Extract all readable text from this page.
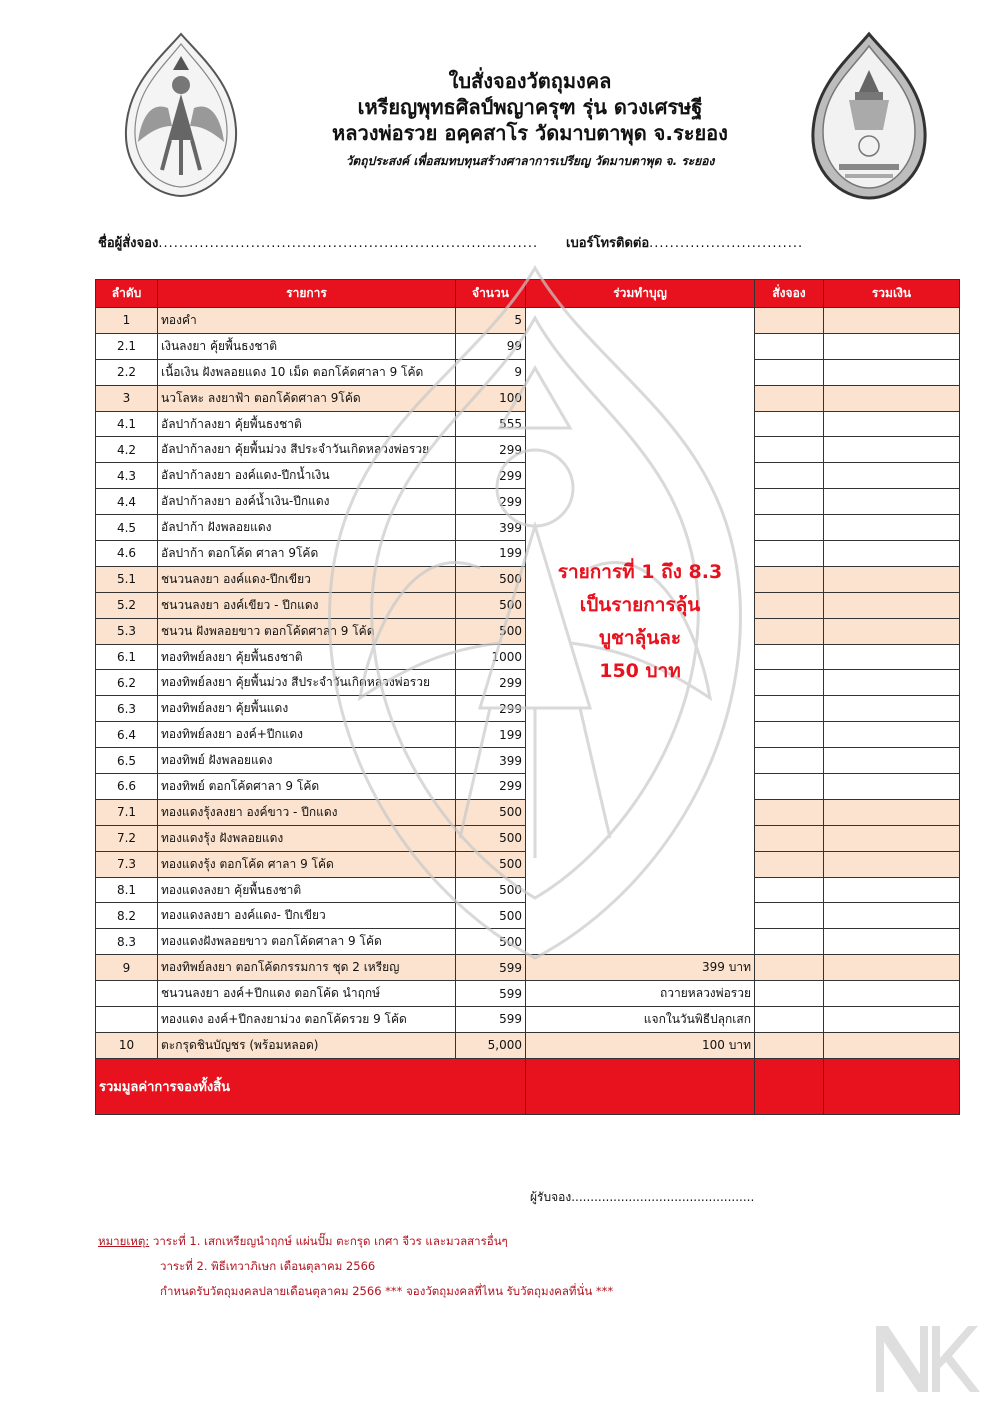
ใบสั่งจองวัตถุมงคล
เหรียญพุทธศิลป์พญาครุฑ รุ่น ดวงเศรษฐี
หลวงพ่อรวย อคฺคสาโร วัดมาบตาพุด จ.ระยอง
วัตถุประสงค์ เพื่อสมทบทุนสร้างศาลาการเปรียญ วัดมาบตาพุด จ. ระยอง
ชื่อผู้สั่งจอง.......................................................................... เบอร์โทรติดต่อ..............................
ลำดับ	รายการ	จำนวน	ร่วมทำบุญ	สั่งจอง	รวมเงิน
1	ทองคำ	5			
2.1	เงินลงยา คุ้ยพื้นธงชาติ	99			
2.2	เนื้อเงิน ฝังพลอยแดง 10 เม็ด ตอกโค้ดศาลา 9 โค้ด	9			
3	นวโลหะ ลงยาฟ้า ตอกโค้ดศาลา 9โค้ด	100			
4.1	อัลปาก้าลงยา คุ้ยพื้นธงชาติ	555			
4.2	อัลปาก้าลงยา คุ้ยพื้นม่วง สีประจำวันเกิดหลวงพ่อรวย	299			
4.3	อัลปาก้าลงยา องค์แดง-ปีกน้ำเงิน	299			
4.4	อัลปาก้าลงยา องค์น้ำเงิน-ปีกแดง	299			
4.5	อัลปาก้า ฝังพลอยแดง	399			
4.6	อัลปาก้า ตอกโค้ด ศาลา 9โค้ด	199			
5.1	ชนวนลงยา องค์แดง-ปีกเขียว	500			
5.2	ชนวนลงยา องค์เขียว - ปีกแดง	500			
5.3	ชนวน ฝังพลอยขาว ตอกโค้ดศาลา 9 โค้ด	500			
6.1	ทองทิพย์ลงยา คุ้ยพื้นธงชาติ	1000			
6.2	ทองทิพย์ลงยา คุ้ยพื้นม่วง สีประจำวันเกิดหลวงพ่อรวย	299			
6.3	ทองทิพย์ลงยา คุ้ยพื้นแดง	299			
6.4	ทองทิพย์ลงยา องค์+ปีกแดง	199			
6.5	ทองทิพย์ ฝังพลอยแดง	399			
6.6	ทองทิพย์ ตอกโค้ดศาลา 9 โค้ด	299			
7.1	ทองแดงรุ้งลงยา องค์ขาว - ปีกแดง	500			
7.2	ทองแดงรุ้ง ฝังพลอยแดง	500			
7.3	ทองแดงรุ้ง ตอกโค้ด ศาลา 9 โค้ด	500			
8.1	ทองแดงลงยา คุ้ยพื้นธงชาติ	500			
8.2	ทองแดงลงยา องค์แดง- ปีกเขียว	500			
8.3	ทองแดงฝังพลอยขาว ตอกโค้ดศาลา 9 โค้ด	500			
9	ทองทิพย์ลงยา ตอกโค้ดกรรมการ ชุด 2 เหรียญ	599	399 บาท		
	ชนวนลงยา องค์+ปีกแดง ตอกโค้ด นำฤกษ์	599	ถวายหลวงพ่อรวย		
	ทองแดง องค์+ปีกลงยาม่วง ตอกโค้ดรวย 9 โค้ด	599	แจกในวันพิธีปลุกเสก		
10	ตะกรุดชินบัญชร (พร้อมหลอด)	5,000	100 บาท		
รวมมูลค่าการจองทั้งสิ้น					
รายการที่ 1 ถึง 8.3
เป็นรายการลุ้น
บูชาลุ้นละ
150 บาท
ผู้รับจอง................................................
หมายเหตุ: วาระที่ 1. เสกเหรียญนำฤกษ์ แผ่นปั๊ม ตะกรุด เกศา จีวร และมวลสารอื่นๆ
วาระที่ 2. พิธีเทวาภิเษก เดือนตุลาคม 2566
กำหนดรับวัตถุมงคลปลายเดือนตุลาคม 2566 *** จองวัตถุมงคลที่ไหน รับวัตถุมงคลที่นั่น ***
